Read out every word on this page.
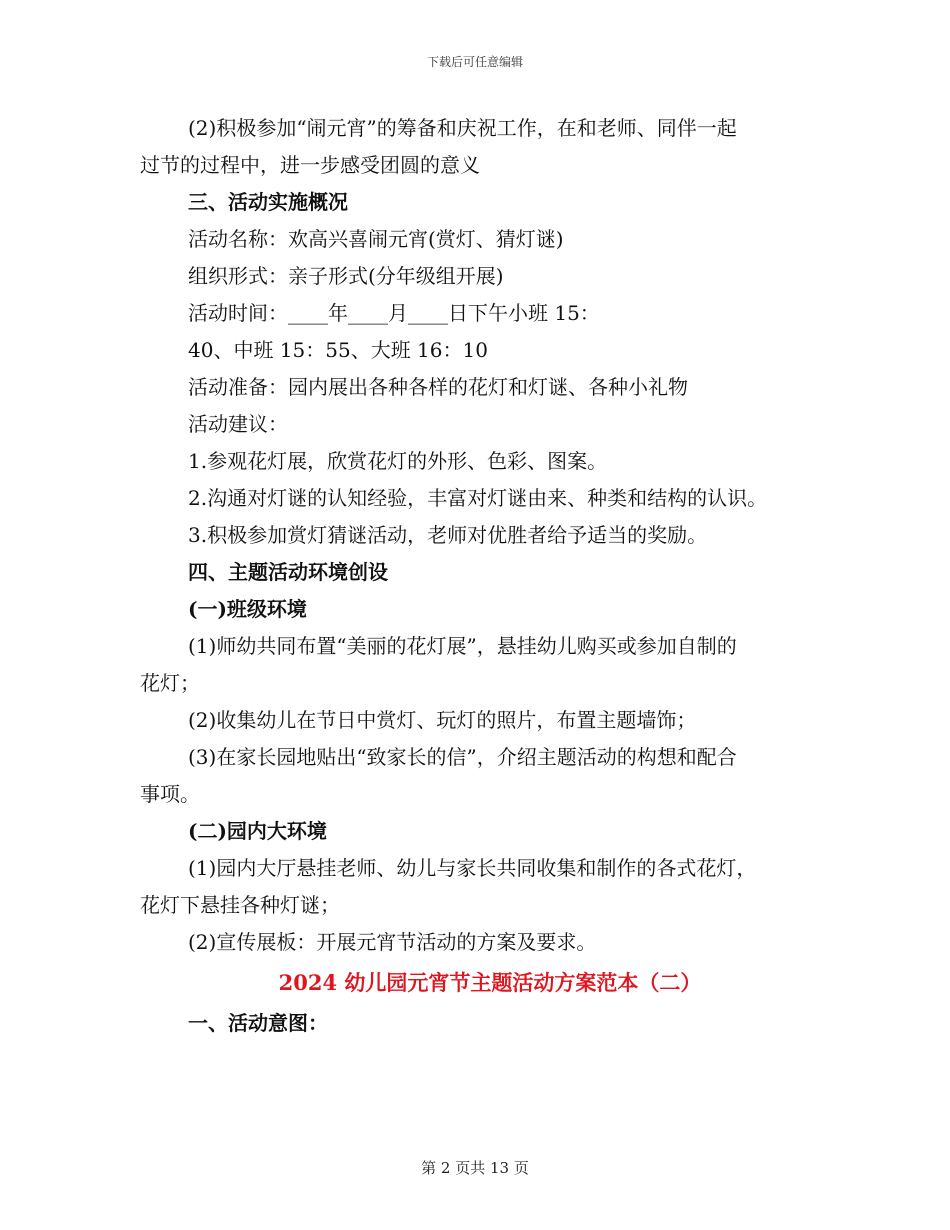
下载后可任意编辑
(2)积极参加“闹元宵”的筹备和庆祝工作，在和老师、同伴一起
过节的过程中，进一步感受团圆的意义
三、活动实施概况
活动名称：欢高兴喜闹元宵(赏灯、猜灯谜)
组织形式：亲子形式(分年级组开展)
活动时间：____年____月____日下午小班 15：
40、中班 15：55、大班 16：10
活动准备：园内展出各种各样的花灯和灯谜、各种小礼物
活动建议：
1.参观花灯展，欣赏花灯的外形、色彩、图案。
2.沟通对灯谜的认知经验，丰富对灯谜由来、种类和结构的认识。
3.积极参加赏灯猜谜活动，老师对优胜者给予适当的奖励。
四、主题活动环境创设
(一)班级环境
(1)师幼共同布置“美丽的花灯展”，悬挂幼儿购买或参加自制的
花灯；
(2)收集幼儿在节日中赏灯、玩灯的照片，布置主题墙饰；
(3)在家长园地贴出“致家长的信”，介绍主题活动的构想和配合
事项。
(二)园内大环境
(1)园内大厅悬挂老师、幼儿与家长共同收集和制作的各式花灯，
花灯下悬挂各种灯谜；
(2)宣传展板：开展元宵节活动的方案及要求。
2024 幼儿园元宵节主题活动方案范本（二）
一、活动意图：
第 2 页共 13 页
